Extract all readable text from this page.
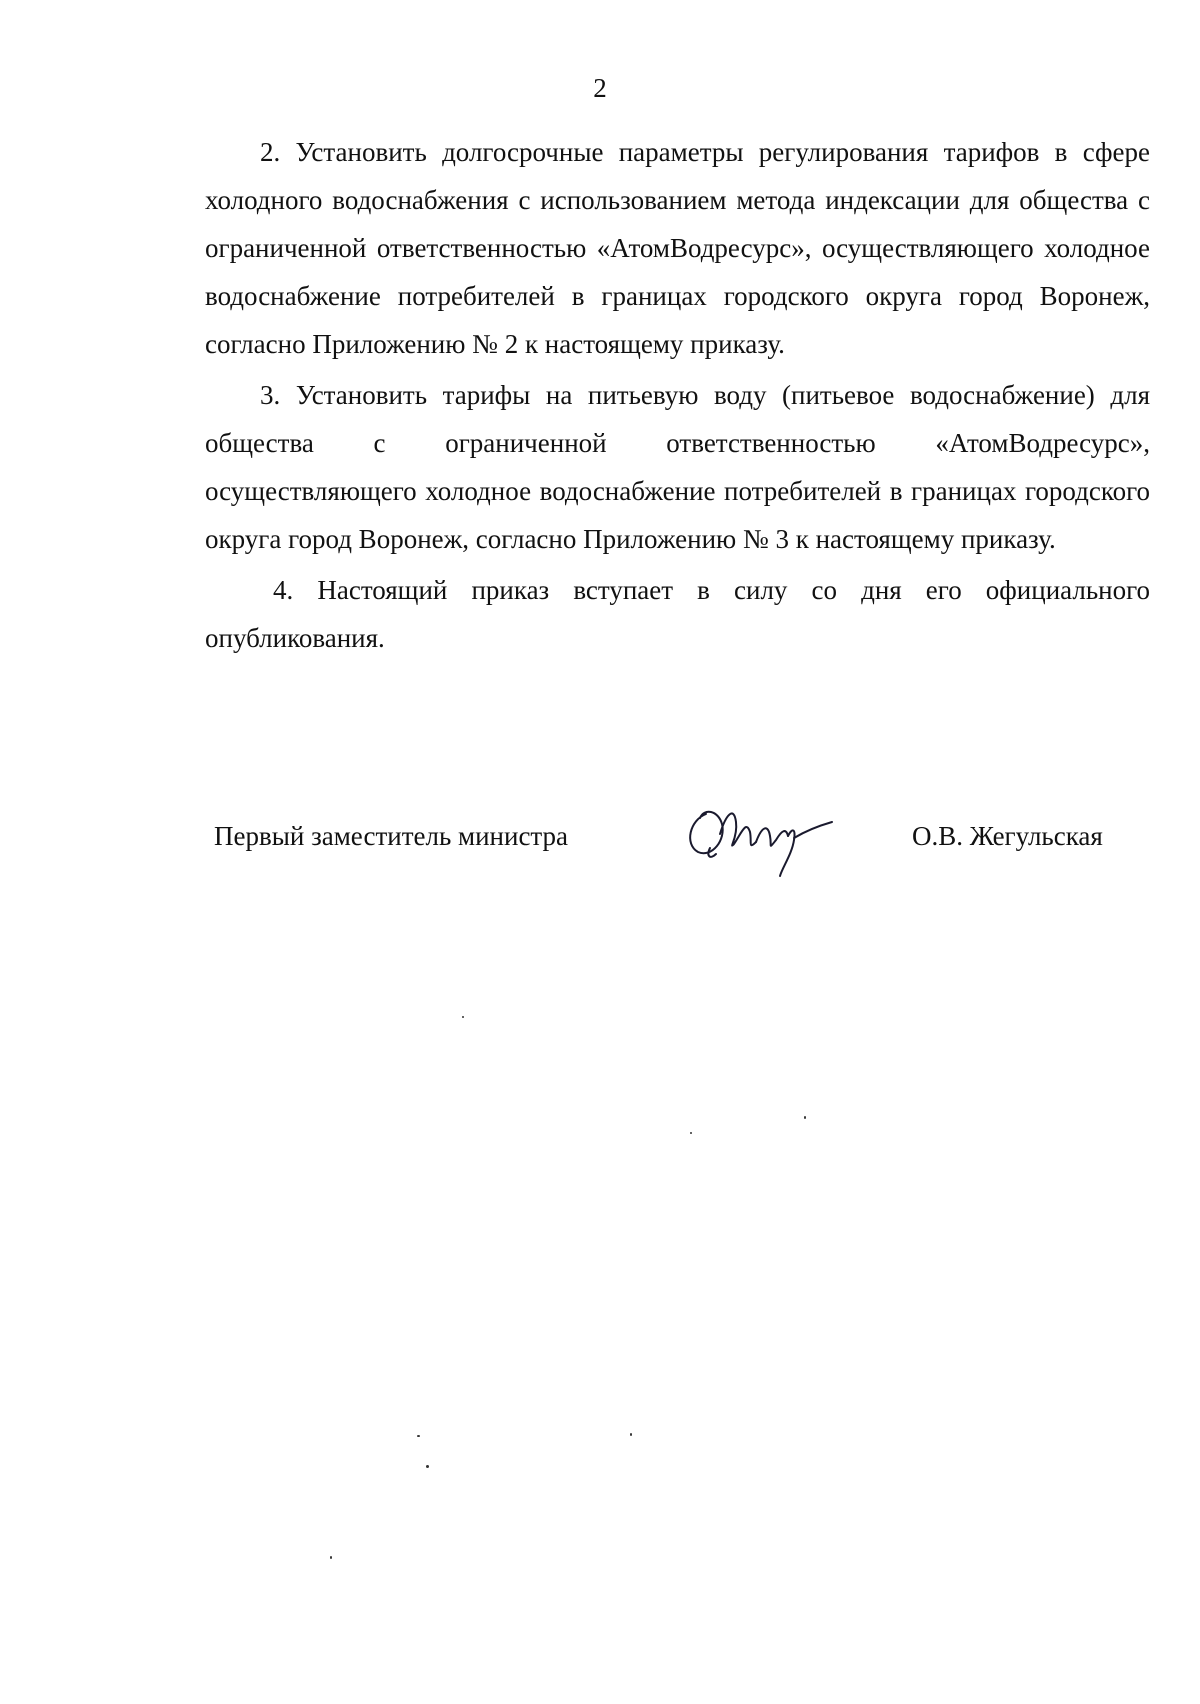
2

2. Установить долгосрочные параметры регулирования тарифов в сфере холодного водоснабжения с использованием метода индексации для общества с ограниченной ответственностью «АтомВодресурс», осуществляющего холодное водоснабжение потребителей в границах городского округа город Воронеж, согласно Приложению № 2 к настоящему приказу.

3. Установить тарифы на питьевую воду (питьевое водоснабжение) для общества с ограниченной ответственностью «АтомВодресурс», осуществляющего холодное водоснабжение потребителей в границах городского округа город Воронеж, согласно Приложению № 3 к настоящему приказу.

4. Настоящий приказ вступает в силу со дня его официального опубликования.

Первый заместитель министра	О.В. Жегульская
